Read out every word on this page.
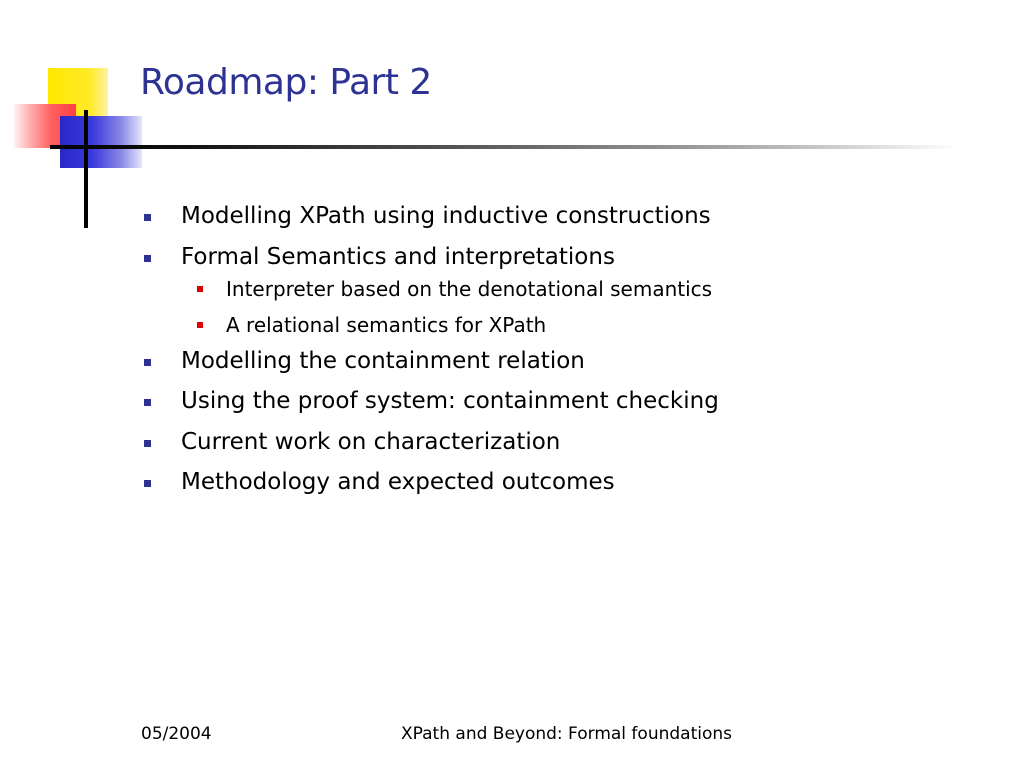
Roadmap: Part 2
Modelling XPath using inductive constructions
Formal Semantics and interpretations
Interpreter based on the denotational semantics
A relational semantics for XPath
Modelling the containment relation
Using the proof system: containment checking
Current work on characterization
Methodology and expected outcomes
05/2004	XPath and Beyond: Formal foundations
